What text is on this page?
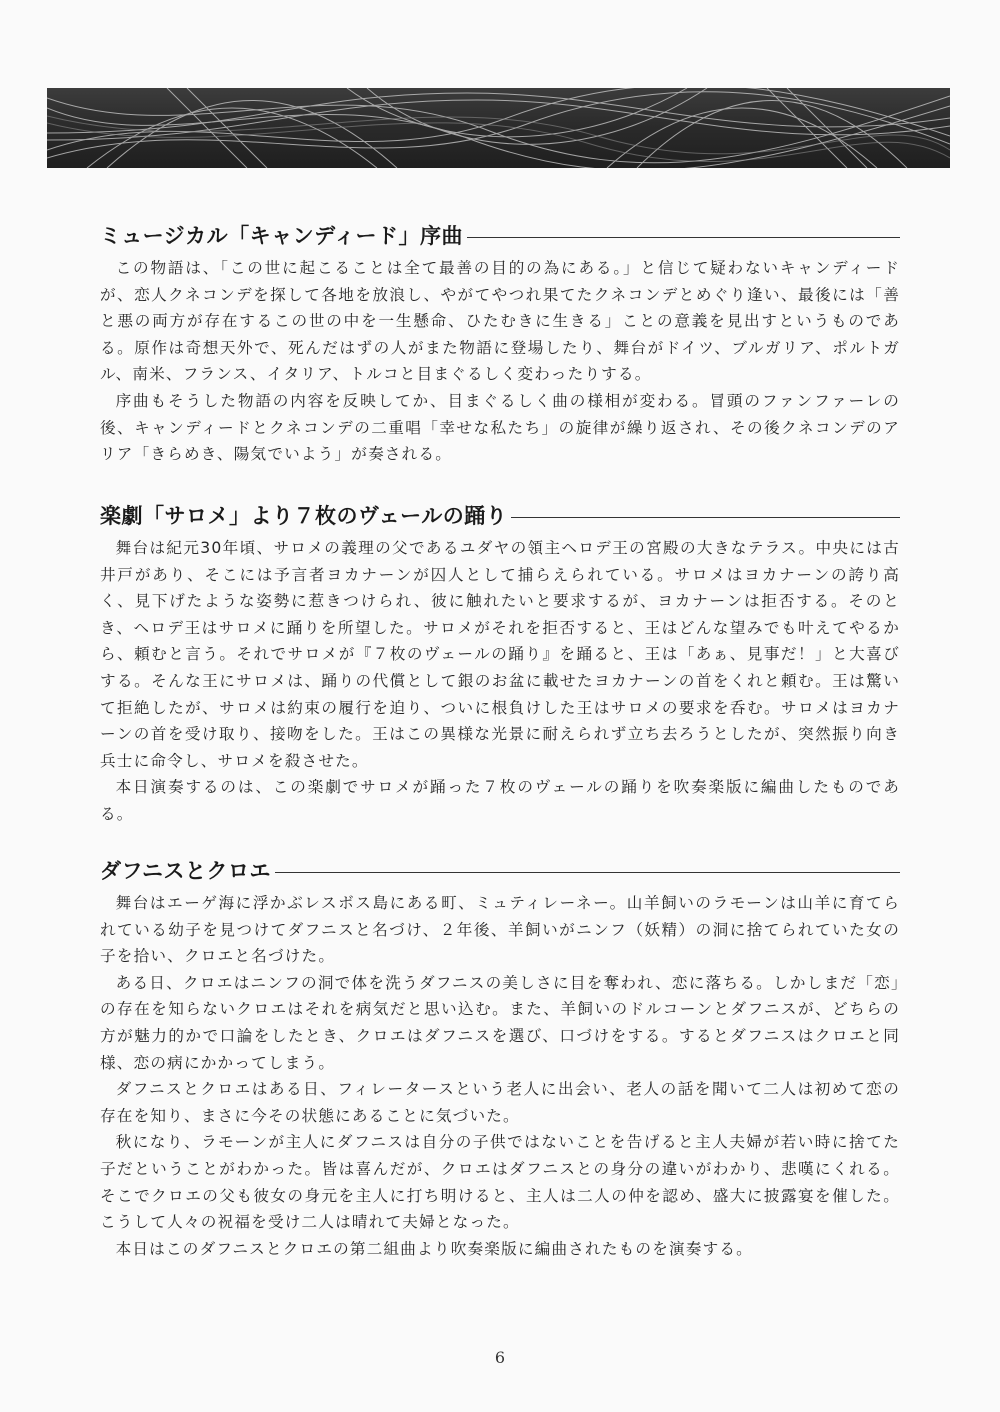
ミュージカル「キャンディード」序曲

この物語は、「この世に起こることは全て最善の目的の為にある。」と信じて疑わないキャンディードが、恋人クネコンデを探して各地を放浪し、やがてやつれ果てたクネコンデとめぐり逢い、最後には「善と悪の両方が存在するこの世の中を一生懸命、ひたむきに生きる」ことの意義を見出すというものである。原作は奇想天外で、死んだはずの人がまた物語に登場したり、舞台がドイツ、ブルガリア、ポルトガル、南米、フランス、イタリア、トルコと目まぐるしく変わったりする。

序曲もそうした物語の内容を反映してか、目まぐるしく曲の様相が変わる。冒頭のファンファーレの後、キャンディードとクネコンデの二重唱「幸せな私たち」の旋律が繰り返され、その後クネコンデのアリア「きらめき、陽気でいよう」が奏される。

楽劇「サロメ」より７枚のヴェールの踊り

舞台は紀元30年頃、サロメの義理の父であるユダヤの領主ヘロデ王の宮殿の大きなテラス。中央には古井戸があり、そこには予言者ヨカナーンが囚人として捕らえられている。サロメはヨカナーンの誇り高く、見下げたような姿勢に惹きつけられ、彼に触れたいと要求するが、ヨカナーンは拒否する。そのとき、ヘロデ王はサロメに踊りを所望した。サロメがそれを拒否すると、王はどんな望みでも叶えてやるから、頼むと言う。それでサロメが『７枚のヴェールの踊り』を踊ると、王は「あぁ、見事だ！」と大喜びする。そんな王にサロメは、踊りの代償として銀のお盆に載せたヨカナーンの首をくれと頼む。王は驚いて拒絶したが、サロメは約束の履行を迫り、ついに根負けした王はサロメの要求を呑む。サロメはヨカナーンの首を受け取り、接吻をした。王はこの異様な光景に耐えられず立ち去ろうとしたが、突然振り向き兵士に命令し、サロメを殺させた。

本日演奏するのは、この楽劇でサロメが踊った７枚のヴェールの踊りを吹奏楽版に編曲したものである。

ダフニスとクロエ

舞台はエーゲ海に浮かぶレスボス島にある町、ミュティレーネー。山羊飼いのラモーンは山羊に育てられている幼子を見つけてダフニスと名づけ、２年後、羊飼いがニンフ（妖精）の洞に捨てられていた女の子を拾い、クロエと名づけた。

ある日、クロエはニンフの洞で体を洗うダフニスの美しさに目を奪われ、恋に落ちる。しかしまだ「恋」の存在を知らないクロエはそれを病気だと思い込む。また、羊飼いのドルコーンとダフニスが、どちらの方が魅力的かで口論をしたとき、クロエはダフニスを選び、口づけをする。するとダフニスはクロエと同様、恋の病にかかってしまう。

ダフニスとクロエはある日、フィレータースという老人に出会い、老人の話を聞いて二人は初めて恋の存在を知り、まさに今その状態にあることに気づいた。

秋になり、ラモーンが主人にダフニスは自分の子供ではないことを告げると主人夫婦が若い時に捨てた子だということがわかった。皆は喜んだが、クロエはダフニスとの身分の違いがわかり、悲嘆にくれる。そこでクロエの父も彼女の身元を主人に打ち明けると、主人は二人の仲を認め、盛大に披露宴を催した。こうして人々の祝福を受け二人は晴れて夫婦となった。

本日はこのダフニスとクロエの第二組曲より吹奏楽版に編曲されたものを演奏する。

6
